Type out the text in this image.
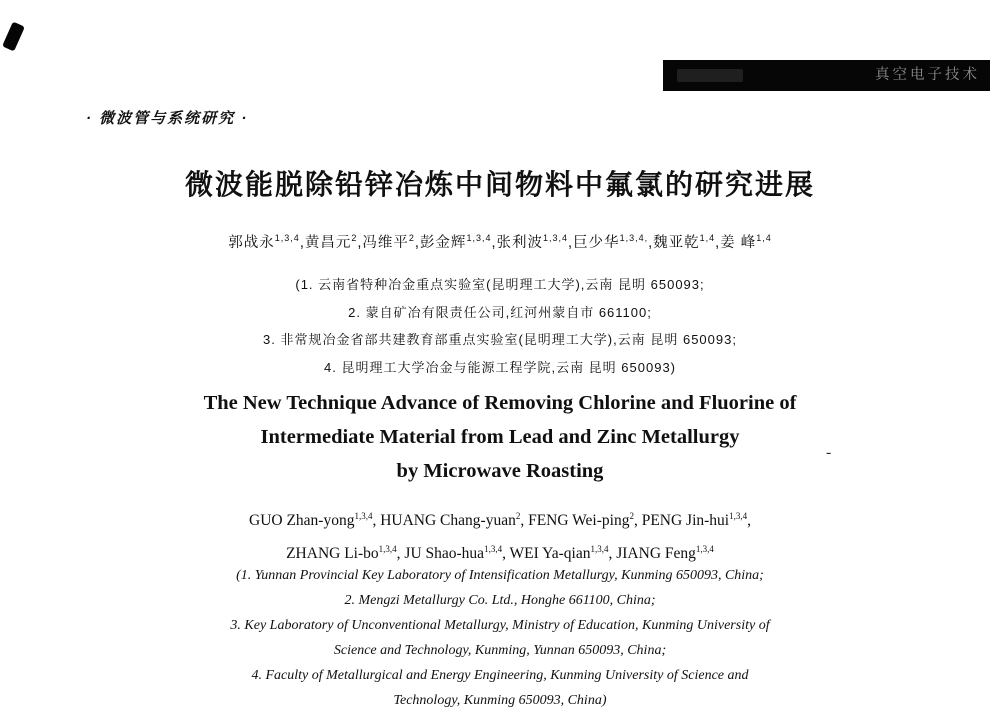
真空电子技术
· 微波管与系统研究 ·
微波能脱除铅锌冶炼中间物料中氟氯的研究进展
郭战永$^{1,3,4}$,黄昌元$^2$,冯维平$^2$,彭金辉$^{1,3,4}$,张利波$^{1,3,4}$,巨少华$^{1,3,4,}$,魏亚乾$^{1,4}$,姜 峰$^{1,4}$
(1. 云南省特种冶金重点实验室(昆明理工大学),云南 昆明 650093;
2. 蒙自矿冶有限责任公司,红河州蒙自市 661100;
3. 非常规冶金省部共建教育部重点实验室(昆明理工大学),云南 昆明 650093;
4. 昆明理工大学冶金与能源工程学院,云南 昆明 650093)
The New Technique Advance of Removing Chlorine and Fluorine of
Intermediate Material from Lead and Zinc Metallurgy
by Microwave Roasting
-
GUO Zhan-yong$^{1,3,4}$, HUANG Chang-yuan$^2$, FENG Wei-ping$^2$, PENG Jin-hui$^{1,3,4}$,
ZHANG Li-bo$^{1,3,4}$, JU Shao-hua$^{1,3,4}$, WEI Ya-qian$^{1,3,4}$, JIANG Feng$^{1,3,4}$
(1. Yunnan Provincial Key Laboratory of Intensification Metallurgy, Kunming 650093, China;
2. Mengzi Metallurgy Co. Ltd., Honghe 661100, China;
3. Key Laboratory of Unconventional Metallurgy, Ministry of Education, Kunming University of
Science and Technology, Kunming, Yunnan 650093, China;
4. Faculty of Metallurgical and Energy Engineering, Kunming University of Science and
Technology, Kunming 650093, China)
